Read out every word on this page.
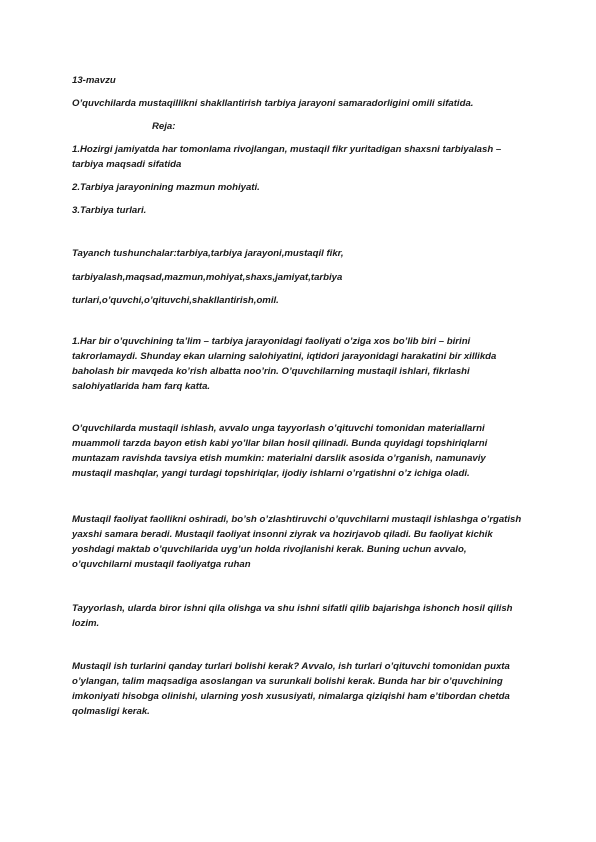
13-mavzu

O’quvchilarda mustaqillikni shakllantirish tarbiya jarayoni samaradorligini omili sifatida.

Reja:

1.Hozirgi jamiyatda har tomonlama rivojlangan, mustaqil fikr yuritadigan shaxsni tarbiyalash – tarbiya maqsadi sifatida

2.Tarbiya jarayonining mazmun mohiyati.

3.Tarbiya turlari.

Tayanch tushunchalar:tarbiya,tarbiya jarayoni,mustaqil fikr,

tarbiyalash,maqsad,mazmun,mohiyat,shaxs,jamiyat,tarbiya

turlari,o’quvchi,o’qituvchi,shakllantirish,omil.

1.Har bir o’quvchining ta’lim – tarbiya jarayonidagi faoliyati o’ziga xos bo’lib biri – birini takrorlamaydi. Shunday ekan ularning salohiyatini, iqtidori jarayonidagi harakatini bir xillikda baholash bir mavqeda ko’rish albatta noo’rin. O’quvchilarning mustaqil ishlari, fikrlashi salohiyatlarida ham farq katta.

O’quvchilarda mustaqil ishlash, avvalo unga tayyorlash o’qituvchi tomonidan materiallarni muammoli tarzda bayon etish kabi yo’llar bilan hosil qilinadi. Bunda quyidagi topshiriqlarni muntazam ravishda tavsiya etish mumkin: materialni darslik asosida o’rganish, namunaviy mustaqil mashqlar, yangi turdagi topshiriqlar, ijodiy ishlarni o’rgatishni o’z ichiga oladi.

Mustaqil faoliyat faollikni oshiradi, bo’sh o’zlashtiruvchi o’quvchilarni mustaqil ishlashga o’rgatish yaxshi samara beradi. Mustaqil faoliyat insonni ziyrak va hozirjavob qiladi. Bu faoliyat kichik yoshdagi maktab o’quvchilarida uyg’un holda rivojlanishi kerak. Buning uchun avvalo, o’quvchilarni mustaqil faoliyatga ruhan

Tayyorlash, ularda biror ishni qila olishga va shu ishni sifatli qilib bajarishga ishonch hosil qilish lozim.

Mustaqil ish turlarini qanday turlari bolishi kerak? Avvalo, ish turlari o’qituvchi tomonidan puxta o’ylangan, talim maqsadiga asoslangan va surunkali bolishi kerak. Bunda har bir o’quvchining imkoniyati hisobga olinishi, ularning yosh xususiyati, nimalarga qiziqishi ham e’tibordan chetda qolmasligi kerak.
